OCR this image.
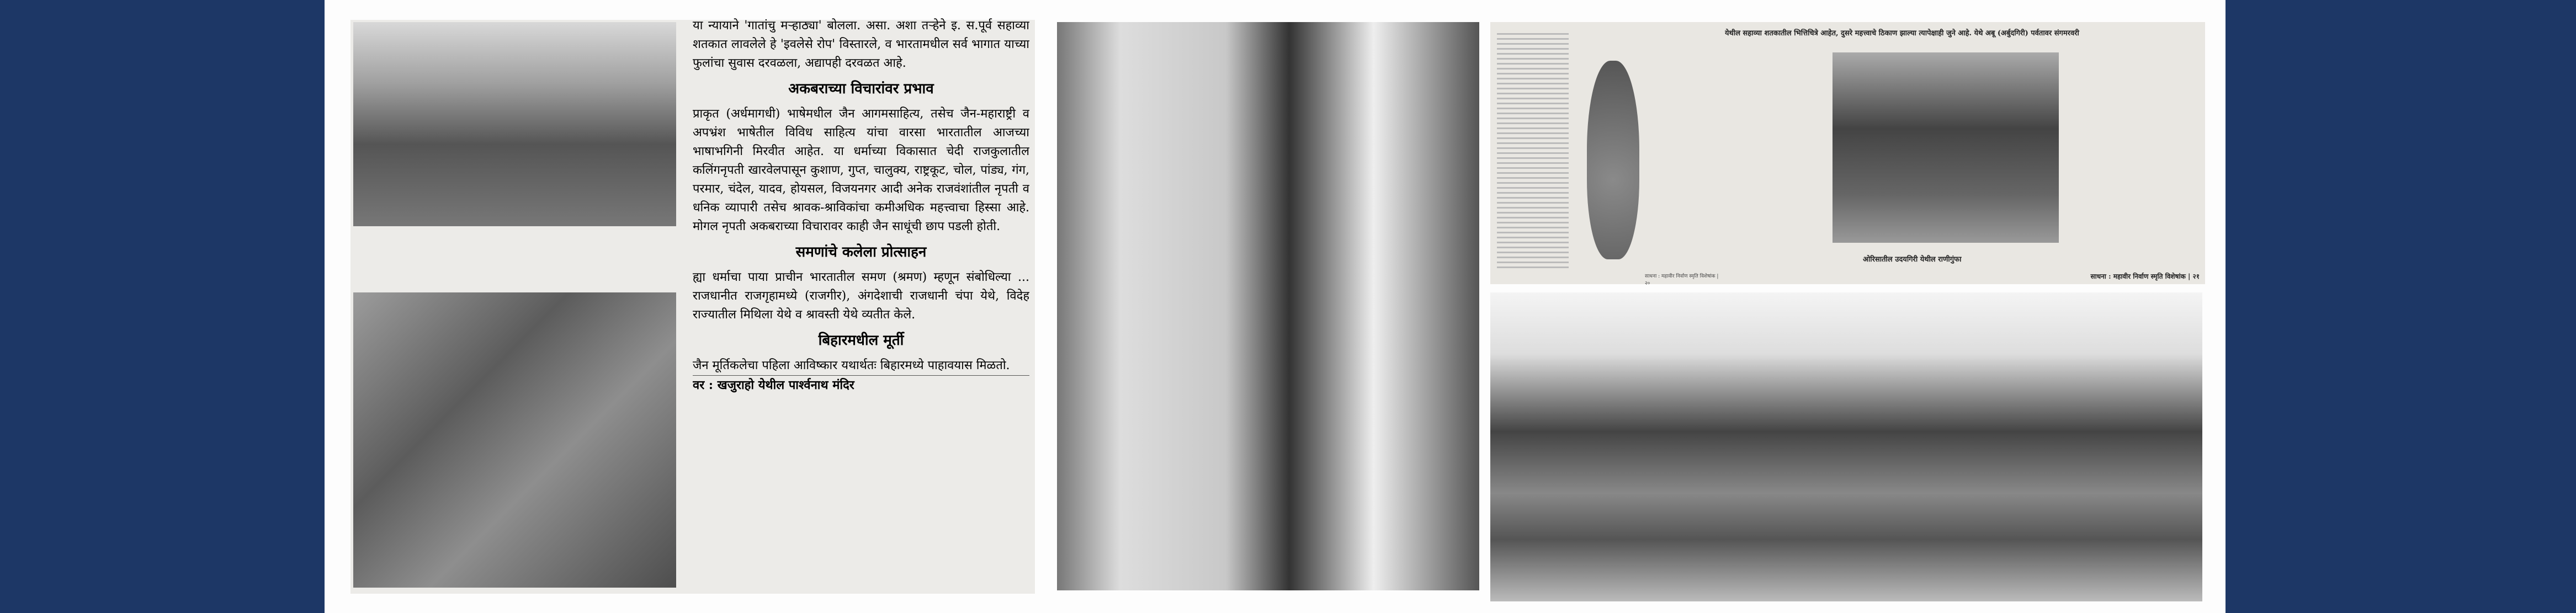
या न्यायाने 'गातांचु मऱ्हाठ्या' बोलला. असा. अशा तऱ्हेने इ. स.पूर्व सहाव्या शतकात लावलेले हे 'इवलेसे रोप' विस्तारले, व भारतामधील सर्व भागात याच्या फुलांचा सुवास दरवळला, अद्यापही दरवळत आहे.
अकबराच्या विचारांवर प्रभाव
प्राकृत (अर्धमागधी) भाषेमधील जैन आगमसाहित्य, तसेच जैन-महाराष्ट्री व अपभ्रंश भाषेतील विविध साहित्य यांचा वारसा भारतातील आजच्या भाषाभगिनी मिरवीत आहेत. या धर्माच्या विकासात चेदी राजकुलातील कलिंगनृपती खारवेलपासून कुशाण, गुप्त, चालुक्य, राष्ट्रकूट, चोल, पांड्य, गंग, परमार, चंदेल, यादव, होयसल, विजयनगर आदी अनेक राजवंशांतील नृपती व धनिक व्यापारी तसेच श्रावक-श्राविकांचा कमीअधिक महत्त्वाचा हिस्सा आहे. मोगल नृपती अकबराच्या विचारावर काही जैन साधूंची छाप पडली होती.
समणांचे कलेला प्रोत्साहन
ह्या धर्माचा पाया प्राचीन भारतातील समण (श्रमण) म्हणून संबोधिल्या ... राजधानीत राजगृहामध्ये (राजगीर), अंगदेशाची राजधानी चंपा येथे, विदेह राज्यातील मिथिला येथे व श्रावस्ती येथे व्यतीत केले.
बिहारमधील मूर्ती
जैन मूर्तिकलेचा पहिला आविष्कार यथार्थतः बिहारमध्ये पाहावयास मिळतो.
वर : खजुराहो येथील पार्श्वनाथ मंदिर
साधना : महावीर निर्वाण स्मृति विशेषांक | २०
येथील सहाव्या शतकातील भित्तिचित्रे आहेत, दुसरे महत्त्वाचे ठिकाण झाल्या त्यापेक्षाही जुने आहे. येथे अबू (अर्बुदगिरी) पर्वतावर संगमरवरी
ओरिसातील उदयगिरी येथील राणीगुंफा
साधना : महावीर निर्वाण स्मृति विशेषांक | २१
